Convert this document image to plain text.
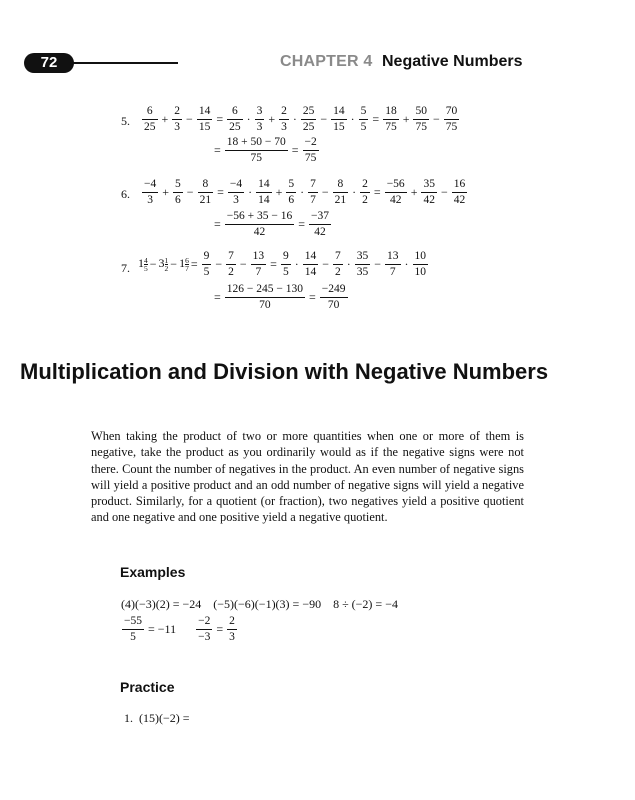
72	CHAPTER 4 Negative Numbers
5. $\frac{6}{25} + \frac{2}{3} - \frac{14}{15} = \frac{6}{25} \cdot \frac{3}{3} + \frac{2}{3} \cdot \frac{25}{25} - \frac{14}{15} \cdot \frac{5}{5} = \frac{18}{75} + \frac{50}{75} - \frac{70}{75}$
= $\frac{18 + 50 - 70}{75} = \frac{-2}{75}$
6. $\frac{-4}{3} + \frac{5}{6} - \frac{8}{21} = \frac{-4}{3} \cdot \frac{14}{14} + \frac{5}{6} \cdot \frac{7}{7} - \frac{8}{21} \cdot \frac{2}{2} = \frac{-56}{42} + \frac{35}{42} - \frac{16}{42}$
= $\frac{-56 + 35 - 16}{42} = \frac{-37}{42}$
7. $1 \frac{4}{5} - 3 \frac{1}{2} - 1 \frac{6}{7} = \frac{9}{5} - \frac{7}{2} - \frac{13}{7} = \frac{9}{5} \cdot \frac{14}{14} - \frac{7}{2} \cdot \frac{35}{35} - \frac{13}{7} \cdot \frac{10}{10}$
= $\frac{126 - 245 - 130}{70} = \frac{-249}{70}$
Multiplication and Division with Negative Numbers
When taking the product of two or more quantities when one or more of them is negative, take the product as you ordinarily would as if the negative signs were not there. Count the number of negatives in the product. An even number of negative signs will yield a positive product and an odd number of negative signs will yield a negative product. Similarly, for a quotient (or fraction), two negatives yield a positive quotient and one negative and one positive yield a negative quotient.
Examples
(4)(−3)(2) = −24    (−5)(−6)(−1)(3) = −90    8 ÷ (−2) = −4
$\frac{-55}{5} = -11$  $\frac{-2}{-3} = \frac{2}{3}$
Practice
1.  (15)(−2) =
